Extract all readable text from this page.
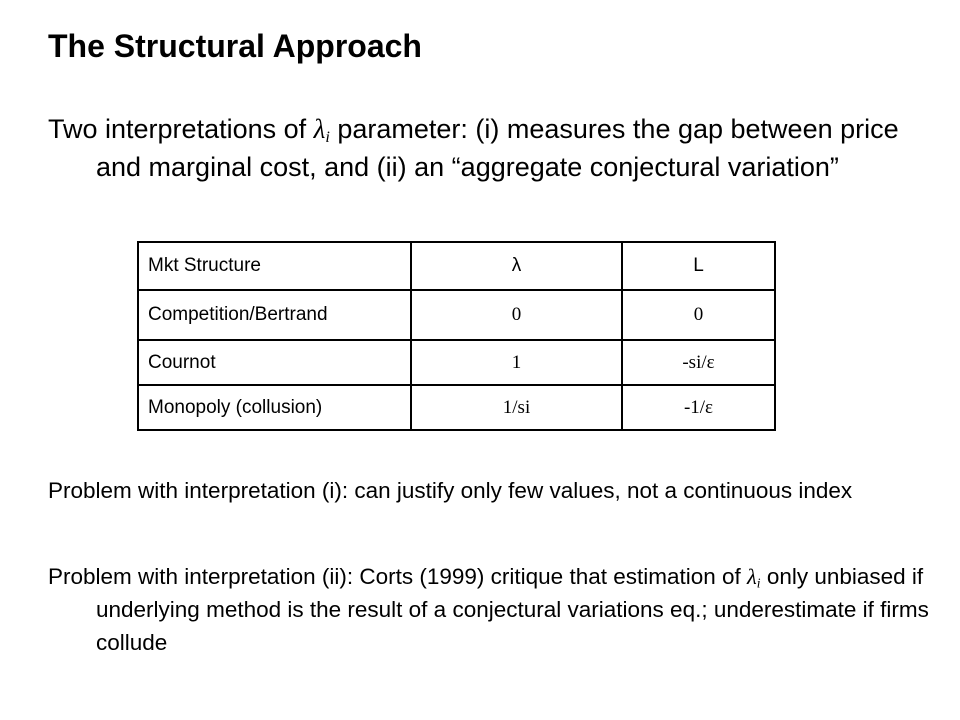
The Structural Approach

Two interpretations of $\lambda_i$ parameter: (i) measures the gap between price and marginal cost, and (ii) an “aggregate conjectural variation”

Mkt Structure	λ	L
Competition/Bertrand	0	0
Cournot	1	-si/ε
Monopoly (collusion)	1/si	-1/ε

Problem with interpretation (i): can justify only few values, not a continuous index

Problem with interpretation (ii): Corts (1999) critique that estimation of $\lambda_i$ only unbiased if underlying method is the result of a conjectural variations eq.; underestimate if firms collude
